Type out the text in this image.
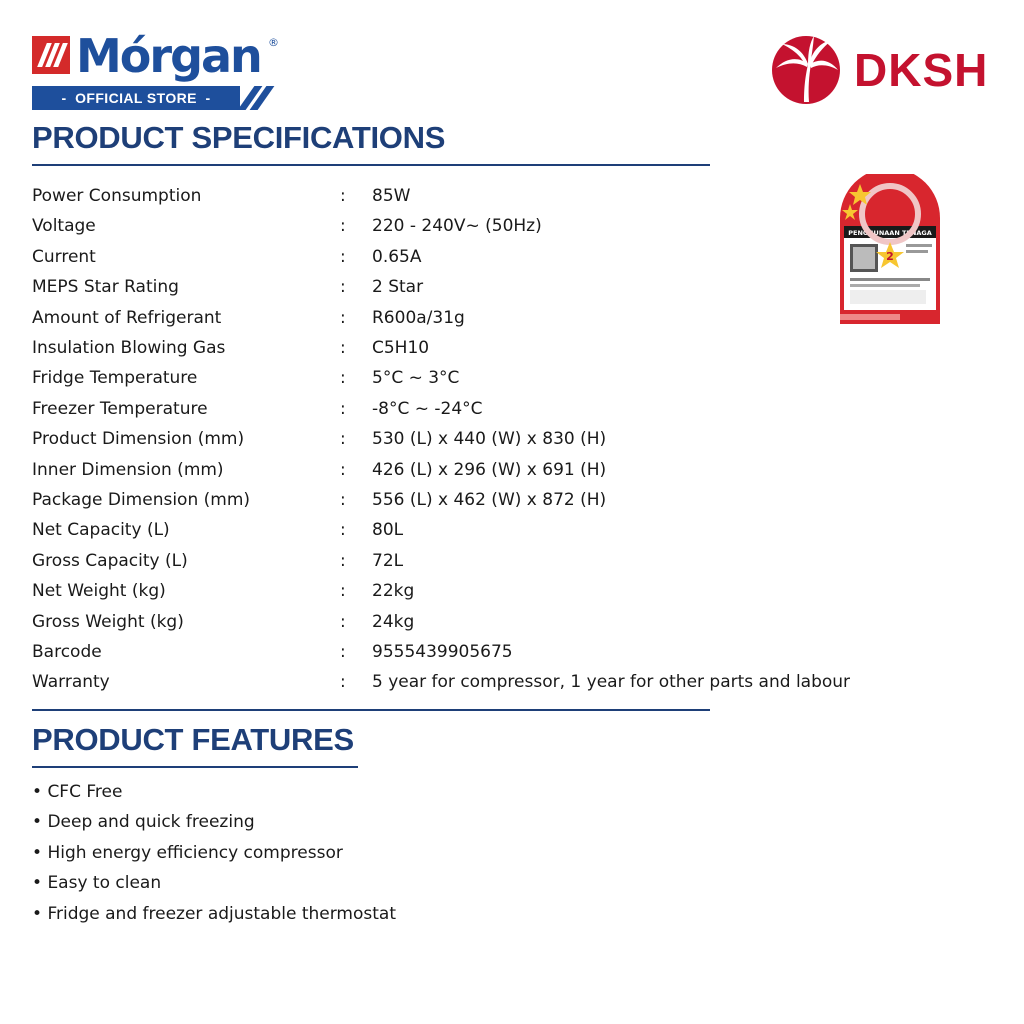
Mórgan ®
- OFFICIAL STORE -
DKSH
PRODUCT SPECIFICATIONS
Power Consumption	: 85W
Voltage	: 220 - 240V~ (50Hz)
Current	: 0.65A
MEPS Star Rating	: 2 Star
Amount of Refrigerant	: R600a/31g
Insulation Blowing Gas	: C5H10
Fridge Temperature	: 5°C ~ 3°C
Freezer Temperature	: -8°C ~ -24°C
Product Dimension (mm)	: 530 (L) x 440 (W) x 830 (H)
Inner Dimension (mm)	: 426 (L) x 296 (W) x 691 (H)
Package Dimension (mm)	: 556 (L) x 462 (W) x 872 (H)
Net Capacity (L)	: 80L
Gross Capacity (L)	: 72L
Net Weight (kg)	: 22kg
Gross Weight (kg)	: 24kg
Barcode	: 9555439905675
Warranty	: 5 year for compressor, 1 year for other parts and labour
PENGGUNAAN TENAGA
2
PRODUCT FEATURES
• CFC Free
• Deep and quick freezing
• High energy efficiency compressor
• Easy to clean
• Fridge and freezer adjustable thermostat
